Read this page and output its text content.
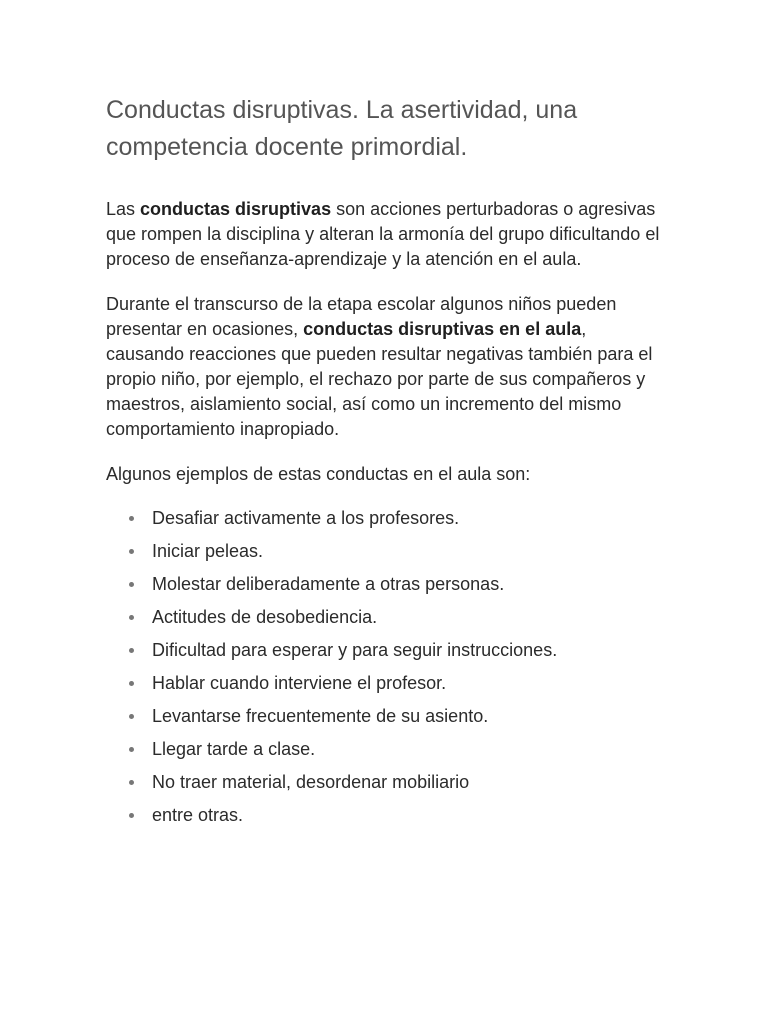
Conductas disruptivas. La asertividad, una
competencia docente primordial.

Las conductas disruptivas son acciones perturbadoras o agresivas que rompen la disciplina y alteran la armonía del grupo dificultando el proceso de enseñanza-aprendizaje y la atención en el aula.

Durante el transcurso de la etapa escolar algunos niños pueden presentar en ocasiones, conductas disruptivas en el aula, causando reacciones que pueden resultar negativas también para el propio niño, por ejemplo, el rechazo por parte de sus compañeros y maestros, aislamiento social, así como un incremento del mismo comportamiento inapropiado.

Algunos ejemplos de estas conductas en el aula son:

Desafiar activamente a los profesores.
Iniciar peleas.
Molestar deliberadamente a otras personas.
Actitudes de desobediencia.
Dificultad para esperar y para seguir instrucciones.
Hablar cuando interviene el profesor.
Levantarse frecuentemente de su asiento.
Llegar tarde a clase.
No traer material, desordenar mobiliario
entre otras.
